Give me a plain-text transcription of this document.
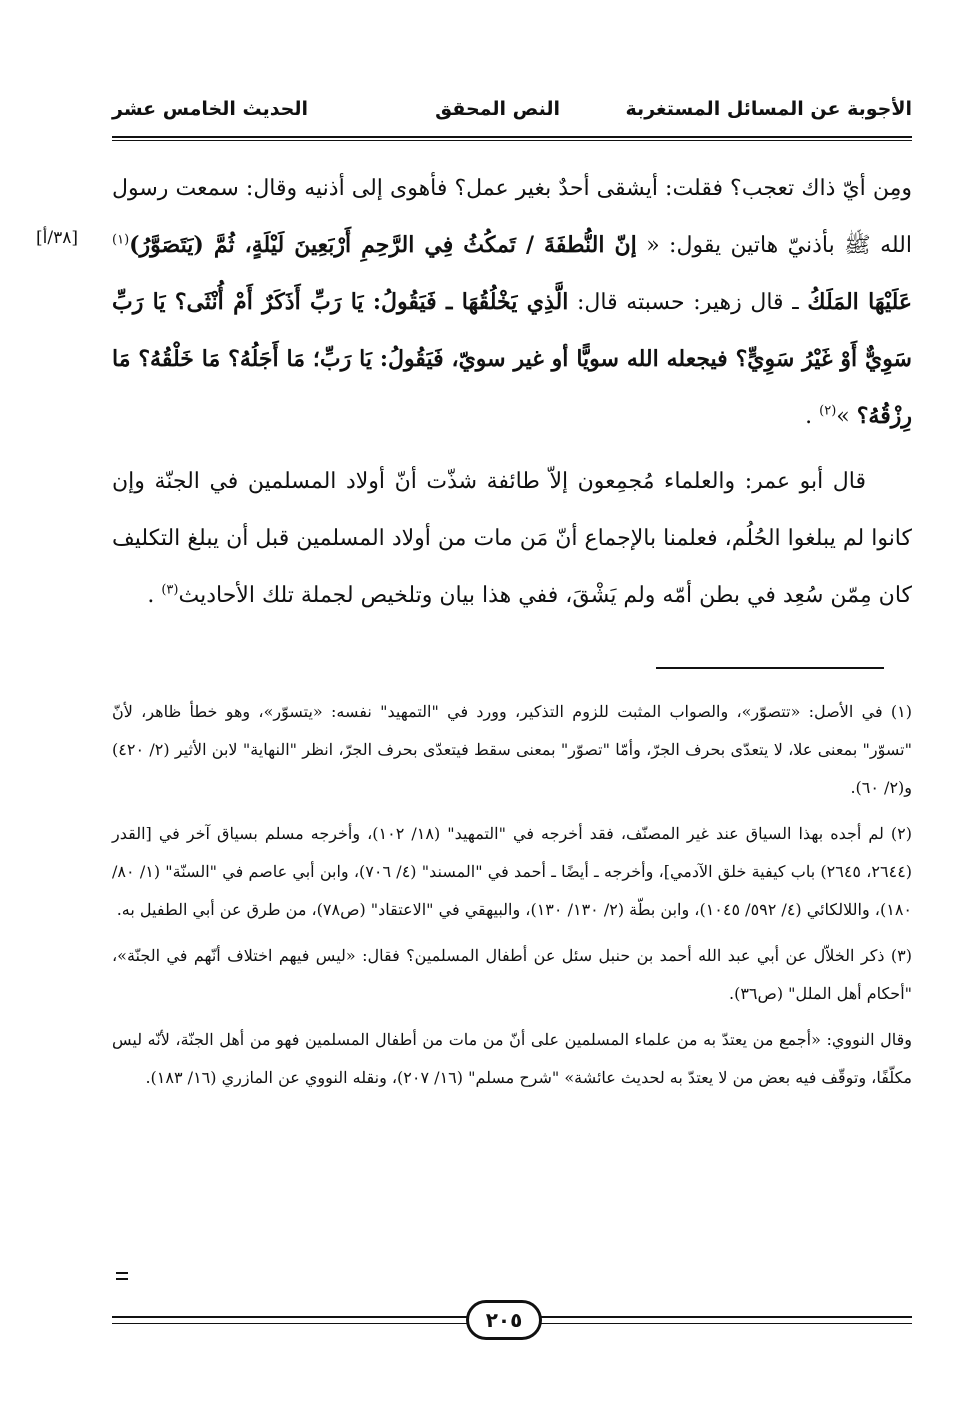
الأجوبة عن المسائل المستغربة
النص المحقق
الحديث الخامس عشر
[٣٨/أ]

ومِن أيّ ذاك تعجب؟ فقلت: أيشقى أحدٌ بغير عمل؟ فأهوى إلى أذنيه وقال: سمعت رسول الله ﷺ بأذنيّ هاتين يقول: « إنّ النُّطفَةَ / تَمكُثُ فِي الرَّحِمِ أَرْبَعِينَ لَيْلَةٍ، ثُمَّ (يَتَصَوَّرُ)$^{(١)}$ عَلَيْهَا المَلَكُ ـ قال زهير: حسبته قال: الَّذِي يَخْلُقُهَا ـ فَيَقُولُ: يَا رَبِّ أَذَكَرٌ أَمْ أُنْثَى؟ يَا رَبِّ سَوِيٌّ أَوْ غَيْرُ سَوِيٍّ؟ فيجعله الله سويًّا أو غير سويّ، فَيَقُولُ: يَا رَبِّ؛ مَا أَجَلُهُ؟ مَا خَلْقُهُ؟ مَا رِزْقُهُ؟ »$^{(٢)}$ .

قال أبو عمر: والعلماء مُجمِعون إلاّ طائفة شذّت أنّ أولاد المسلمين في الجنّة وإن كانوا لم يبلغوا الحُلُم، فعلمنا بالإجماع أنّ مَن مات من أولاد المسلمين قبل أن يبلغ التكليف كان مِمّن سُعِد في بطن أمّه ولم يَشْقَ، ففي هذا بيان وتلخيص لجملة تلك الأحاديث$^{(٣)}$ .

(١) في الأصل: «تتصوّر»، والصواب المثبت للزوم التذكير، وورد في "التمهيد" نفسه: «يتسوّر»، وهو خطأ ظاهر، لأنّ "تسوّر" بمعنى علا، لا يتعدّى بحرف الجرّ، وأمّا "تصوّر" بمعنى سقط فيتعدّى بحرف الجرّ، انظر "النهاية" لابن الأثير (٢/ ٤٢٠) و(٢/ ٦٠).

(٢) لم أجده بهذا السياق عند غير المصنّف، فقد أخرجه في "التمهيد" (١٨/ ١٠٢)، وأخرجه مسلم بسياق آخر في [القدر (٢٦٤٤، ٢٦٤٥) باب كيفية خلق الآدمي]، وأخرجه ـ أيضًا ـ أحمد في "المسند" (٤/ ٧٠٦)، وابن أبي عاصم في "السنّة" (١/ ٨٠/ ١٨٠)، واللالكائي (٤/ ٥٩٢/ ١٠٤٥)، وابن بطّة (٢/ ١٣٠/ ١٣٠)، والبيهقي في "الاعتقاد" (ص٧٨)، من طرق عن أبي الطفيل به.

(٣) ذكر الخلاّل عن أبي عبد الله أحمد بن حنبل سئل عن أطفال المسلمين؟ فقال: «ليس فيهم اختلاف أنّهم في الجنّة»، "أحكام أهل الملل" (ص٣٦).

وقال النووي: «أجمع من يعتدّ به من علماء المسلمين على أنّ من مات من أطفال المسلمين فهو من أهل الجنّة، لأنّه ليس مكلّفًا، وتوقّف فيه بعض من لا يعتدّ به لحديث عائشة» "شرح مسلم" (١٦/ ٢٠٧)، ونقله النووي عن المازري (١٦/ ١٨٣).

٢٠٥
